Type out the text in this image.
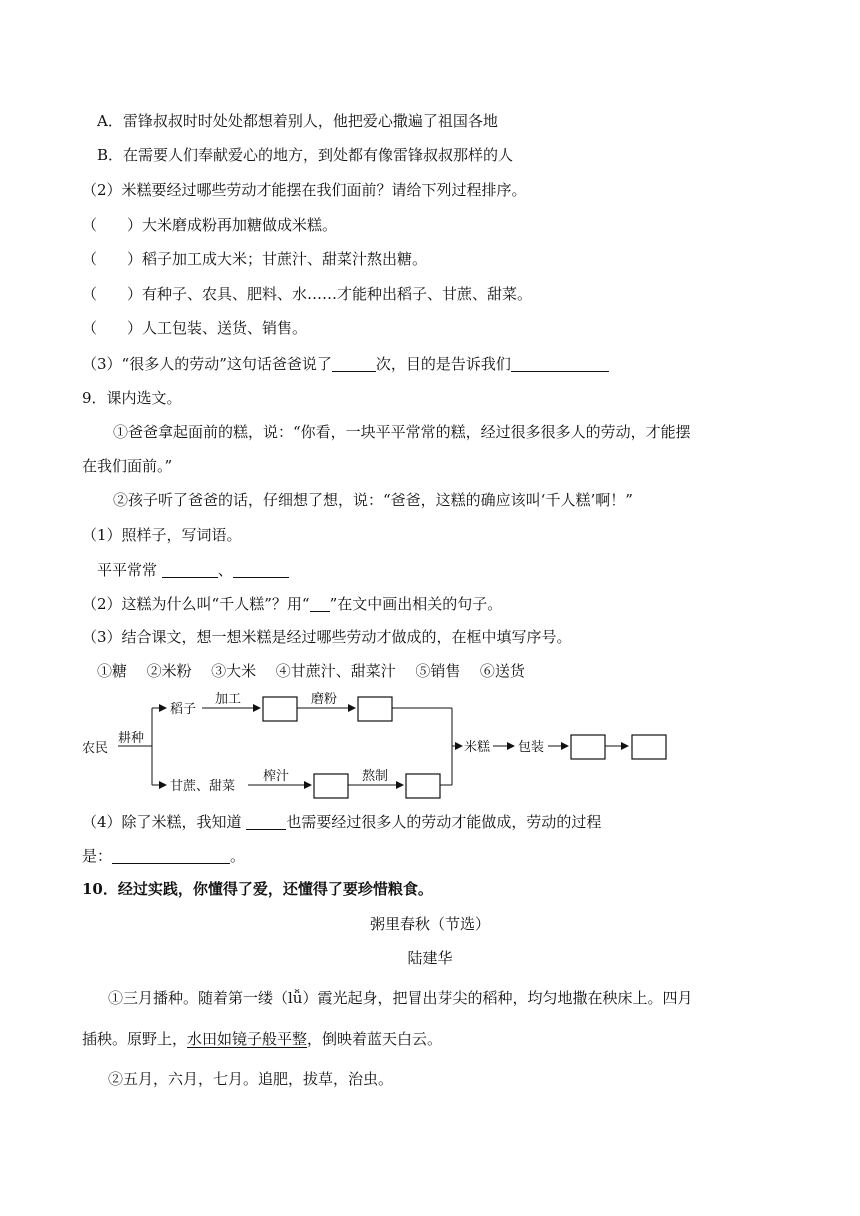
A．雷锋叔叔时时处处都想着别人，他把爱心撒遍了祖国各地
B．在需要人们奉献爱心的地方，到处都有像雷锋叔叔那样的人
（2）米糕要经过哪些劳动才能摆在我们面前？请给下列过程排序。
（　　）大米磨成粉再加糖做成米糕。
（　　）稻子加工成大米；甘蔗汁、甜菜汁熬出糖。
（　　）有种子、农具、肥料、水……才能种出稻子、甘蔗、甜菜。
（　　）人工包装、送货、销售。
（3）“很多人的劳动”这句话爸爸说了	次，目的是告诉我们
9．课内选文。
①爸爸拿起面前的糕，说：“你看，一块平平常常的糕，经过很多很多人的劳动，才能摆
在我们面前。”
②孩子听了爸爸的话，仔细想了想，说：“爸爸，这糕的确应该叫‘千人糕’啊！”
（1）照样子，写词语。
平平常常	、
（2）这糕为什么叫“千人糕”？用“ ”在文中画出相关的句子。
（3）结合课文，想一想米糕是经过哪些劳动才做成的，在框中填写序号。
①糖 ②米粉 ③大米 ④甘蔗汁、甜菜汁 ⑤销售 ⑥送货
农民
耕种
稻子
加工	磨粉
甘蔗、甜菜
榨汁	熬制
米糕 包装
（4）除了米糕，我知道	也需要经过很多人的劳动才能做成，劳动的过程
是：	。
10．经过实践，你懂得了爱，还懂得了要珍惜粮食。
粥里春秋（节选）
陆建华
①三月播种。随着第一缕（lǚ）霞光起身，把冒出芽尖的稻种，均匀地撒在秧床上。四月
插秧。原野上，水田如镜子般平整，倒映着蓝天白云。
②五月，六月，七月。追肥，拔草，治虫。
